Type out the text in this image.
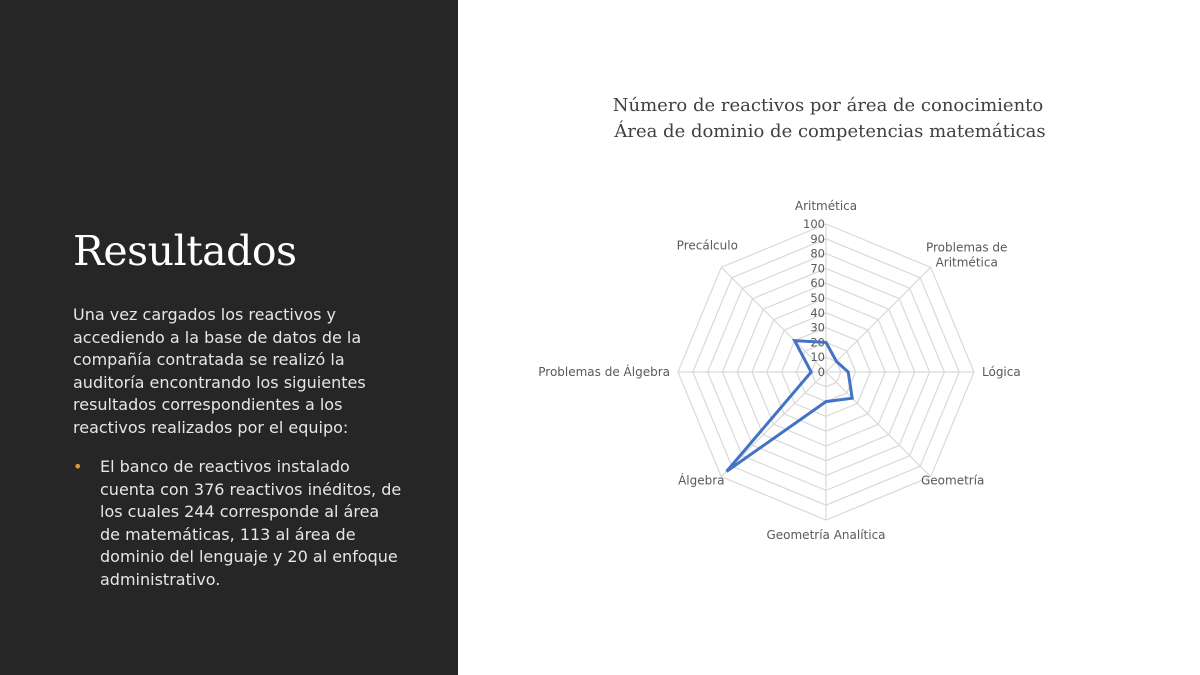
Resultados

Una vez cargados los reactivos y accediendo a la base de datos de la compañía contratada se realizó la auditoría encontrando los siguientes resultados correspondientes a los reactivos realizados por el equipo:

• El banco de reactivos instalado cuenta con 376 reactivos inéditos, de los cuales 244 corresponde al área de matemáticas, 113 al área de dominio del lenguaje y 20 al enfoque administrativo.
Número de reactivos por área de conocimiento
Área de dominio de competencias matemáticas
0
10
20
30
40
50
60
70
80
90
100
Aritmética
Problemas de Aritmética
Lógica
Geometría
Geometría Analítica
Álgebra
Problemas de Álgebra
Precálculo
